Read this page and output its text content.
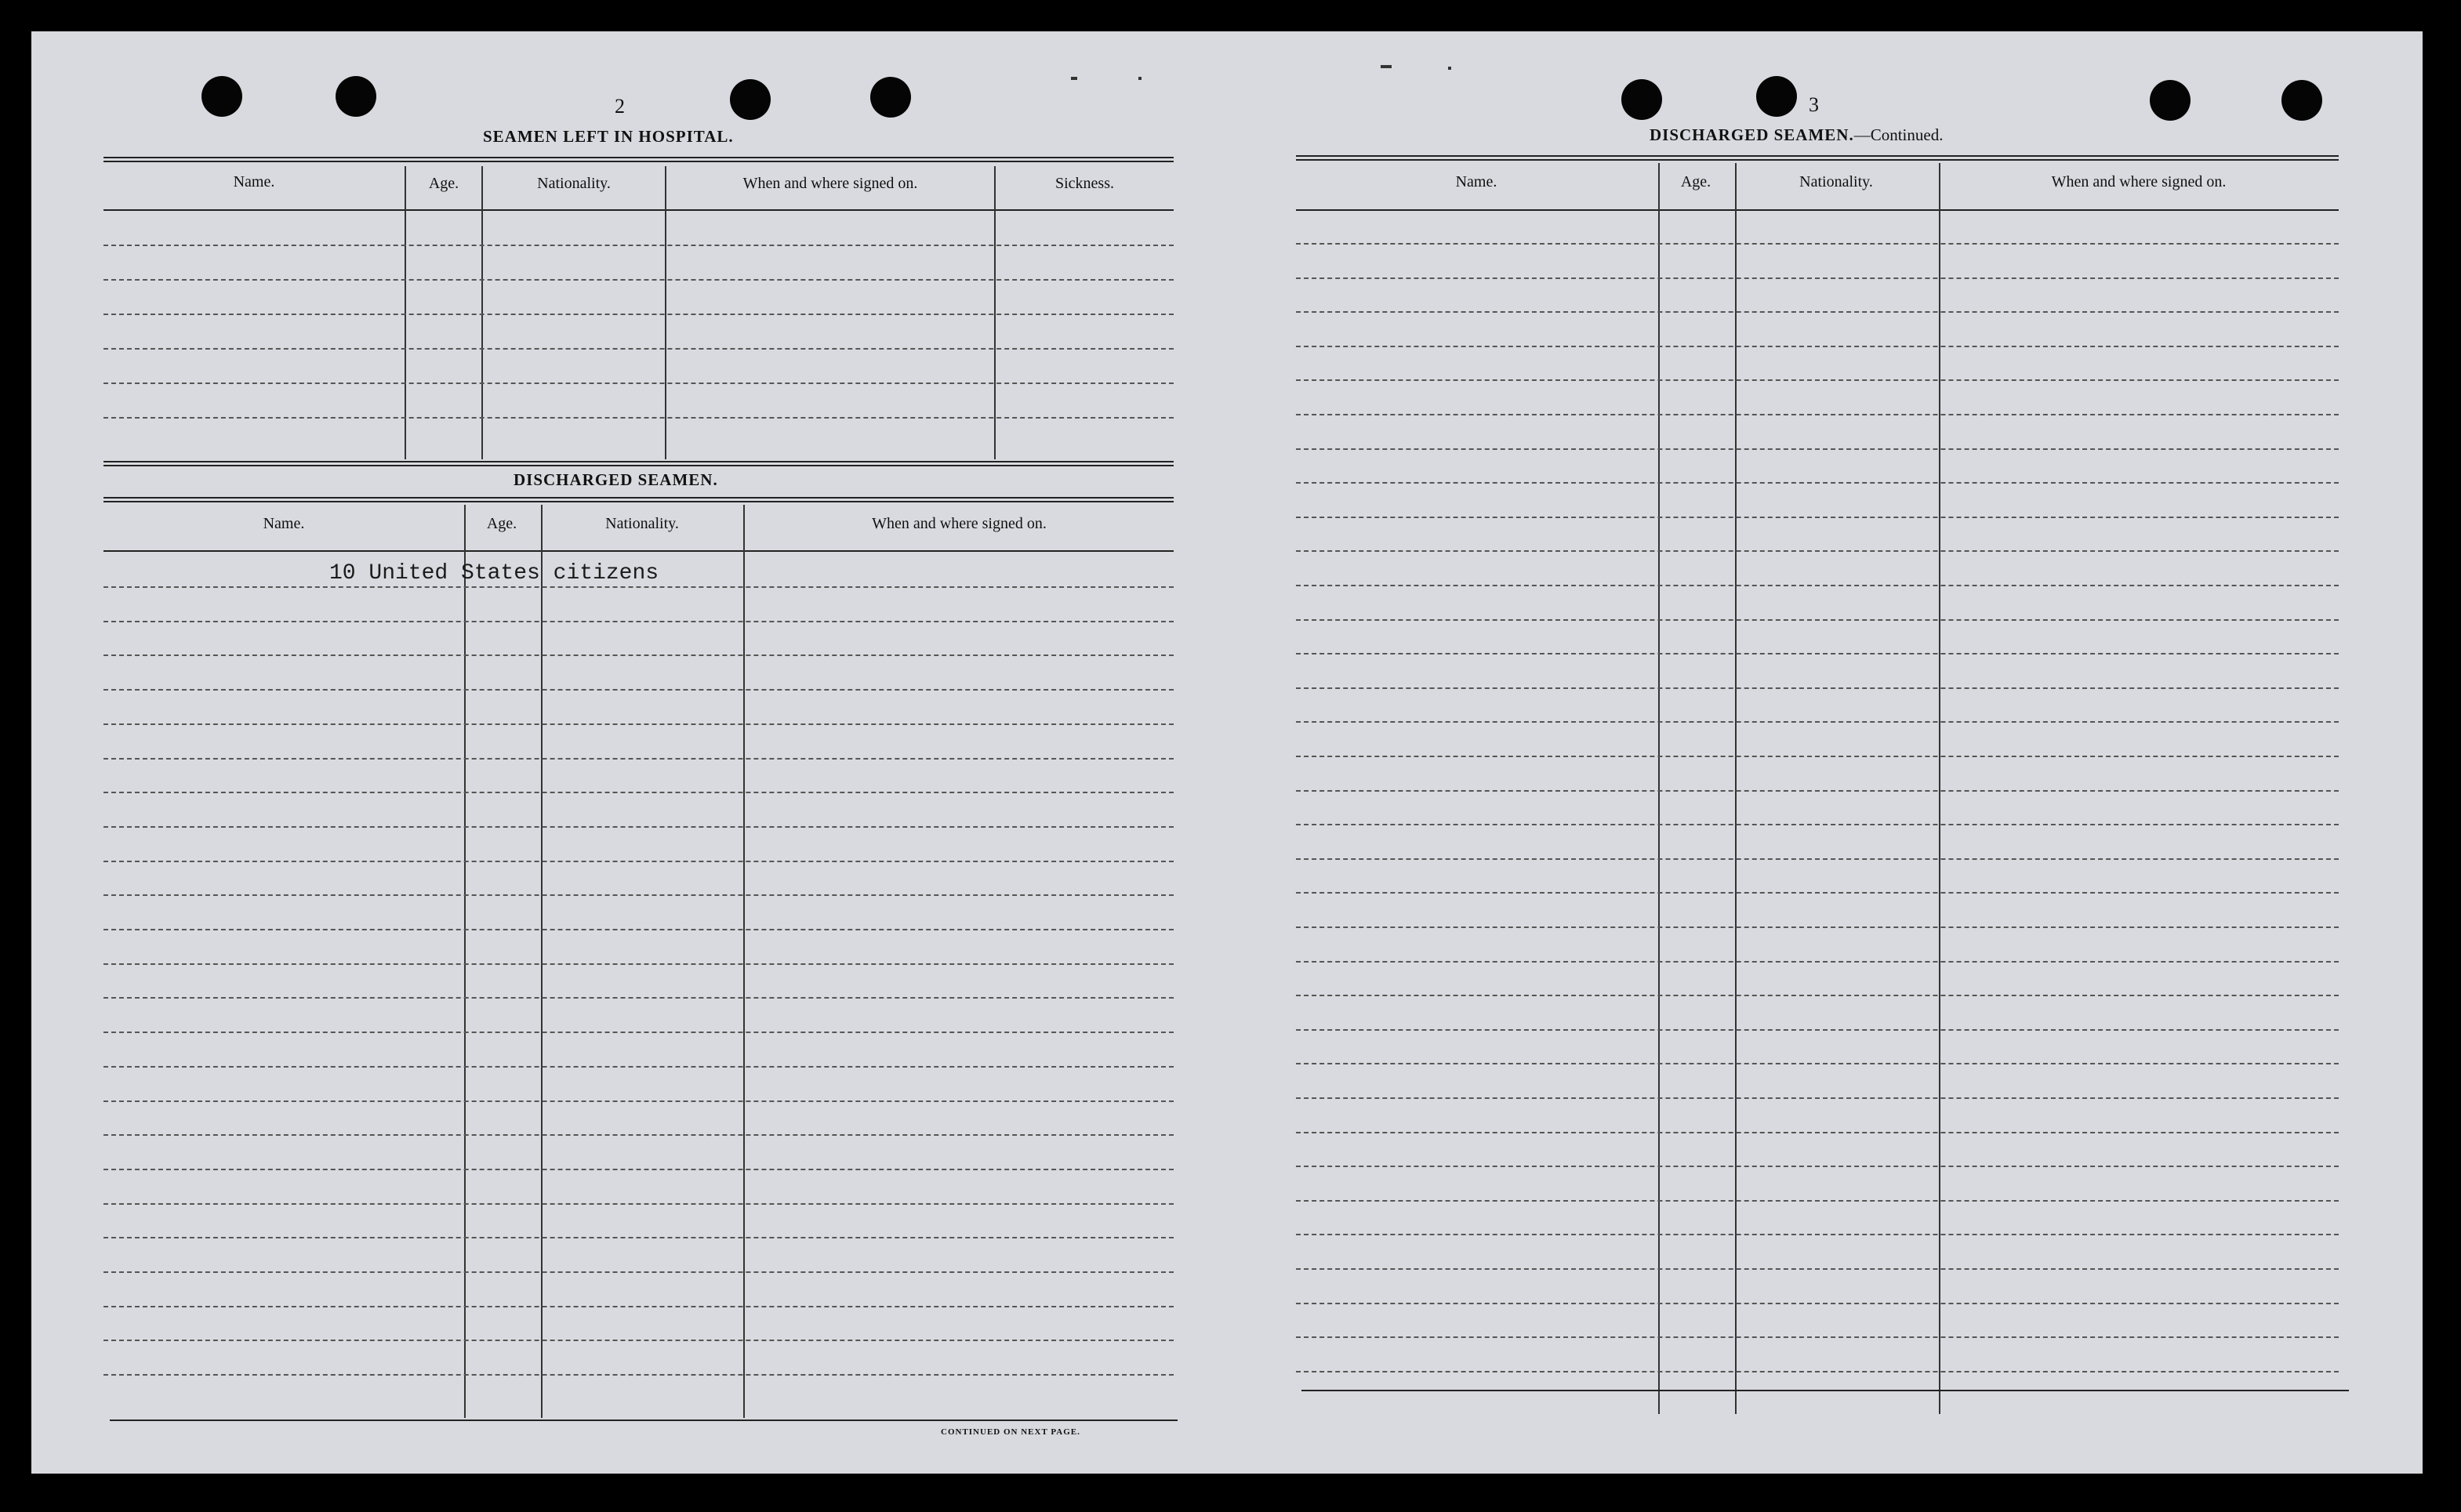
2
SEAMEN LEFT IN HOSPITAL.
Name.	Age.	Nationality.	When and where signed on.	Sickness.
DISCHARGED SEAMEN.
Name.	Age.	Nationality.	When and where signed on.
10 United States citizens
CONTINUED ON NEXT PAGE.
3
DISCHARGED SEAMEN.—Continued.
Name.	Age.	Nationality.	When and where signed on.
